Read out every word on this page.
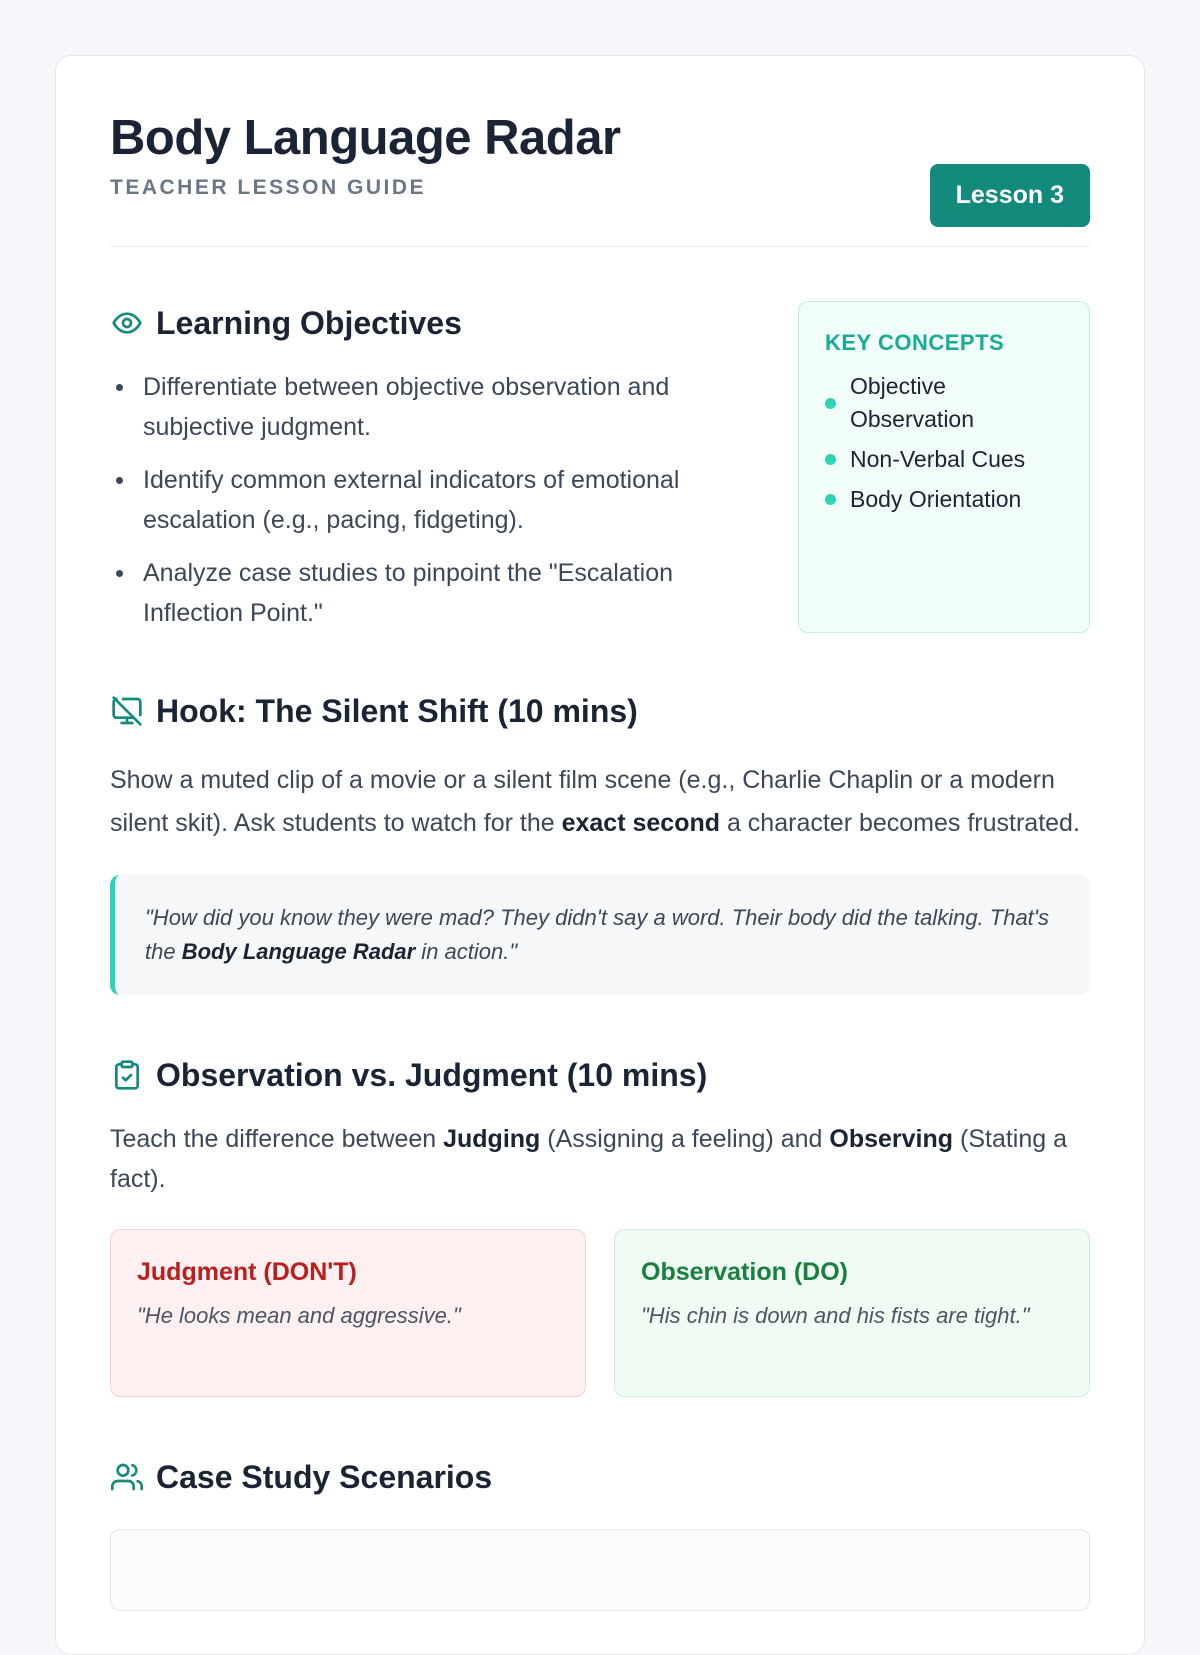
Body Language Radar
TEACHER LESSON GUIDE	Lesson 3
Learning Objectives
Differentiate between objective observation and subjective judgment.
Identify common external indicators of emotional escalation (e.g., pacing, fidgeting).
Analyze case studies to pinpoint the "Escalation Inflection Point."
KEY CONCEPTS
Objective Observation
Non-Verbal Cues
Body Orientation
Hook: The Silent Shift (10 mins)

Show a muted clip of a movie or a silent film scene (e.g., Charlie Chaplin or a modern silent skit). Ask students to watch for the exact second a character becomes frustrated.

"How did you know they were mad? They didn't say a word. Their body did the talking. That's the Body Language Radar in action."
Observation vs. Judgment (10 mins)

Teach the difference between Judging (Assigning a feeling) and Observing (Stating a fact).

Judgment (DON'T)
"He looks mean and aggressive."
Observation (DO)
"His chin is down and his fists are tight."
Case Study Scenarios
